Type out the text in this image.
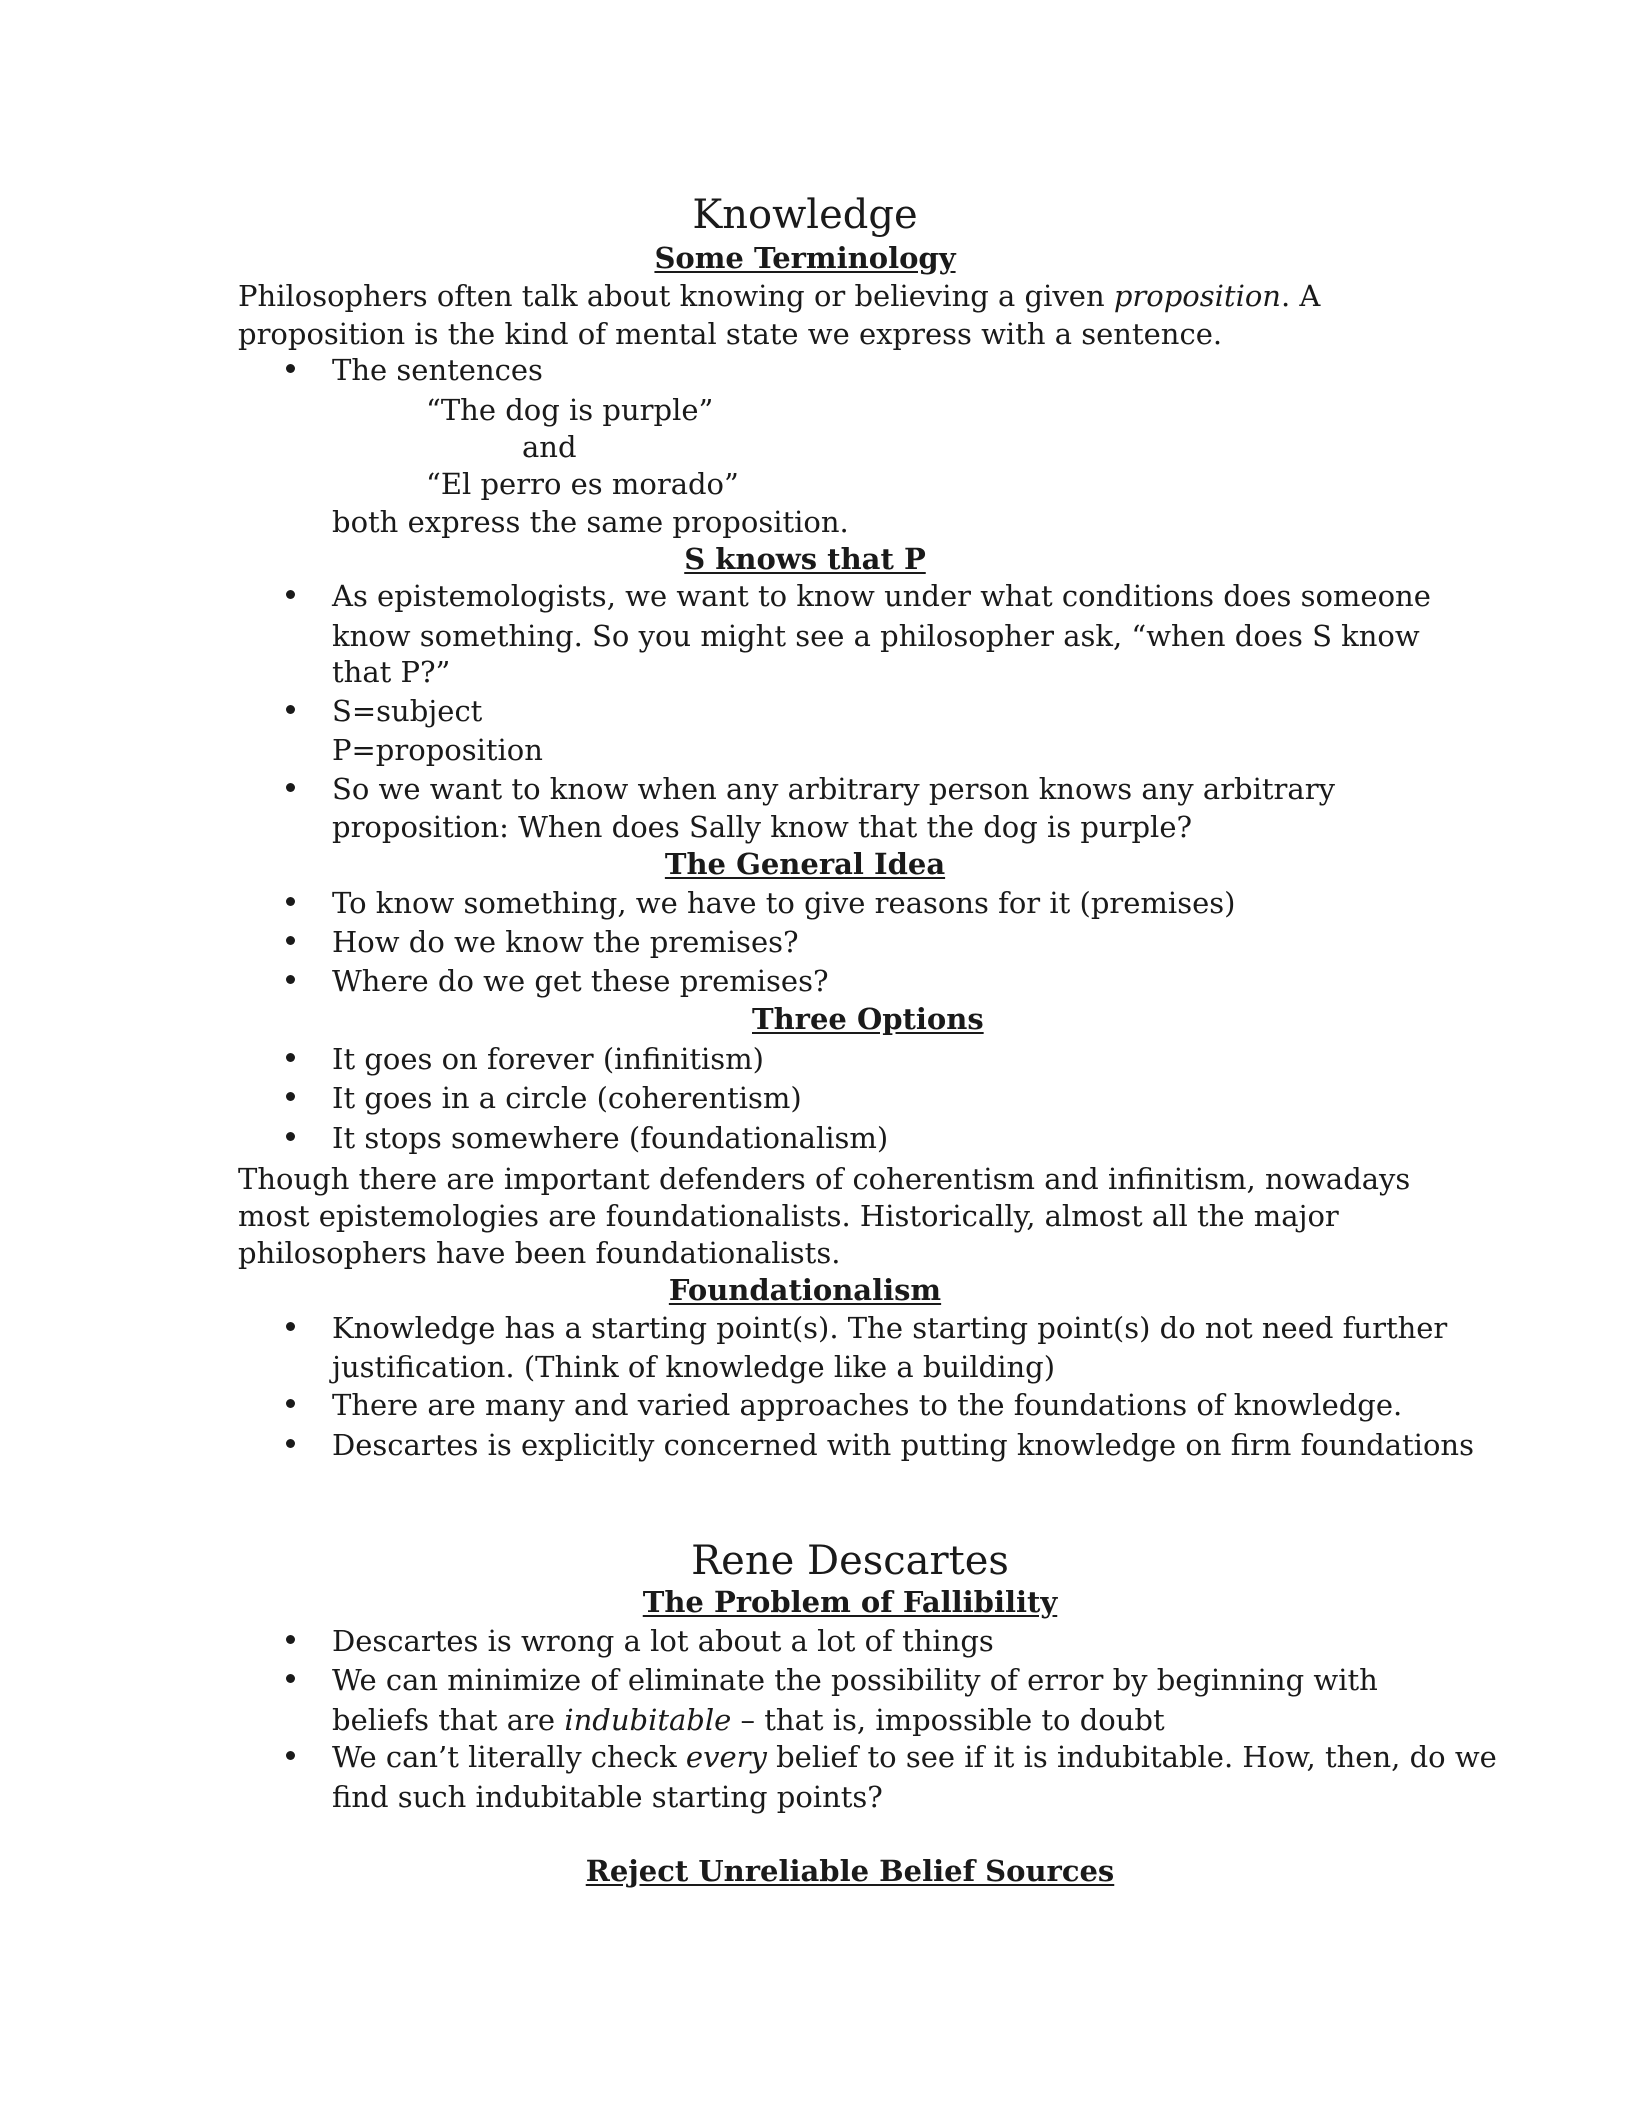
Knowledge
Some Terminology
Philosophers often talk about knowing or believing a given proposition. A
proposition is the kind of mental state we express with a sentence.
The sentences
“The dog is purple”
and
“El perro es morado”
both express the same proposition.
S knows that P
As epistemologists, we want to know under what conditions does someone
know something. So you might see a philosopher ask, “when does S know
that P?”
S=subject
P=proposition
So we want to know when any arbitrary person knows any arbitrary
proposition: When does Sally know that the dog is purple?
The General Idea
To know something, we have to give reasons for it (premises)
How do we know the premises?
Where do we get these premises?
Three Options
It goes on forever (infinitism)
It goes in a circle (coherentism)
It stops somewhere (foundationalism)
Though there are important defenders of coherentism and infinitism, nowadays
most epistemologies are foundationalists. Historically, almost all the major
philosophers have been foundationalists.
Foundationalism
Knowledge has a starting point(s). The starting point(s) do not need further
justification. (Think of knowledge like a building)
There are many and varied approaches to the foundations of knowledge.
Descartes is explicitly concerned with putting knowledge on firm foundations
Rene Descartes
The Problem of Fallibility
Descartes is wrong a lot about a lot of things
We can minimize of eliminate the possibility of error by beginning with
beliefs that are indubitable – that is, impossible to doubt
We can’t literally check every belief to see if it is indubitable. How, then, do we
find such indubitable starting points?
Reject Unreliable Belief Sources
